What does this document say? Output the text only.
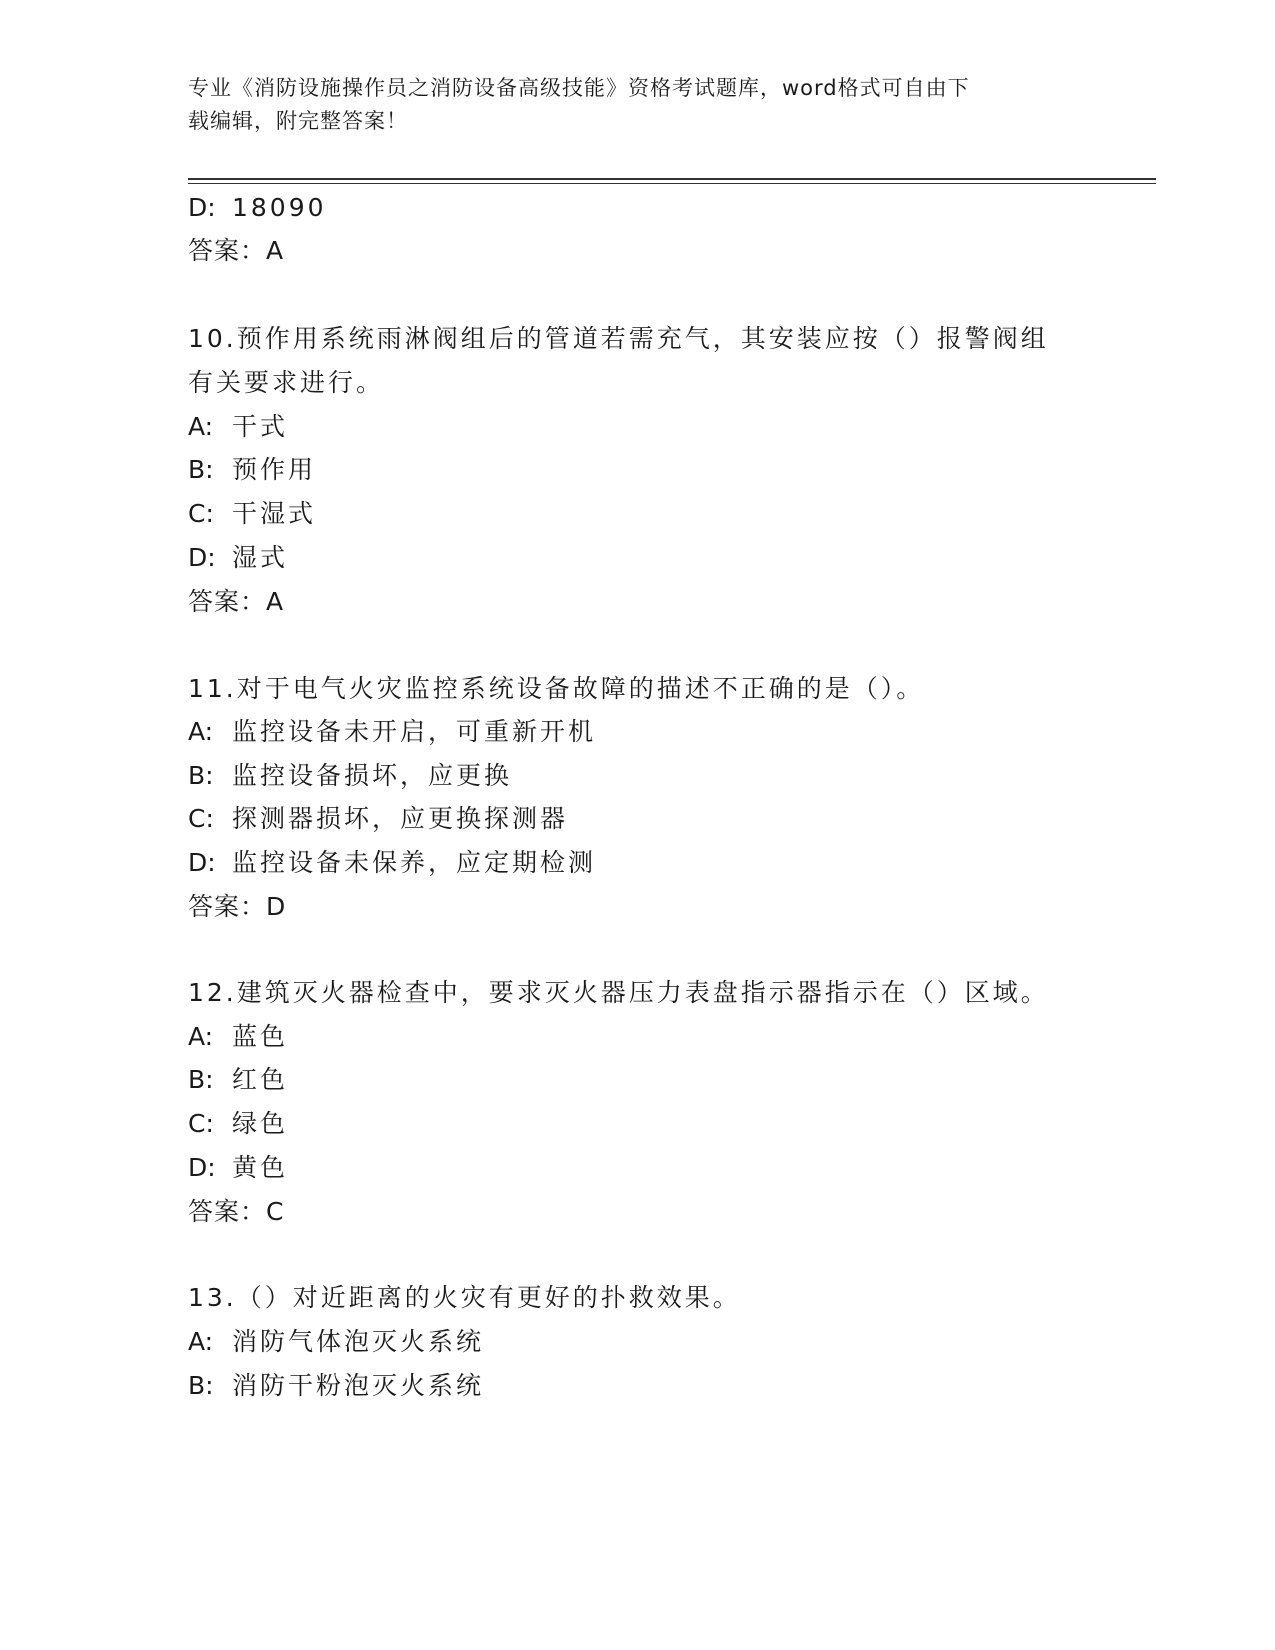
专业《消防设施操作员之消防设备高级技能》资格考试题库，word格式可自由下
载编辑，附完整答案！
D: 18090
答案：A
10.预作用系统雨淋阀组后的管道若需充气，其安装应按（）报警阀组
有关要求进行。
A: 干式
B: 预作用
C: 干湿式
D: 湿式
答案：A
11.对于电气火灾监控系统设备故障的描述不正确的是（）。
A: 监控设备未开启，可重新开机
B: 监控设备损坏，应更换
C: 探测器损坏，应更换探测器
D: 监控设备未保养，应定期检测
答案：D
12.建筑灭火器检查中，要求灭火器压力表盘指示器指示在（）区域。
A: 蓝色
B: 红色
C: 绿色
D: 黄色
答案：C
13.（）对近距离的火灾有更好的扑救效果。
A: 消防气体泡灭火系统
B: 消防干粉泡灭火系统
